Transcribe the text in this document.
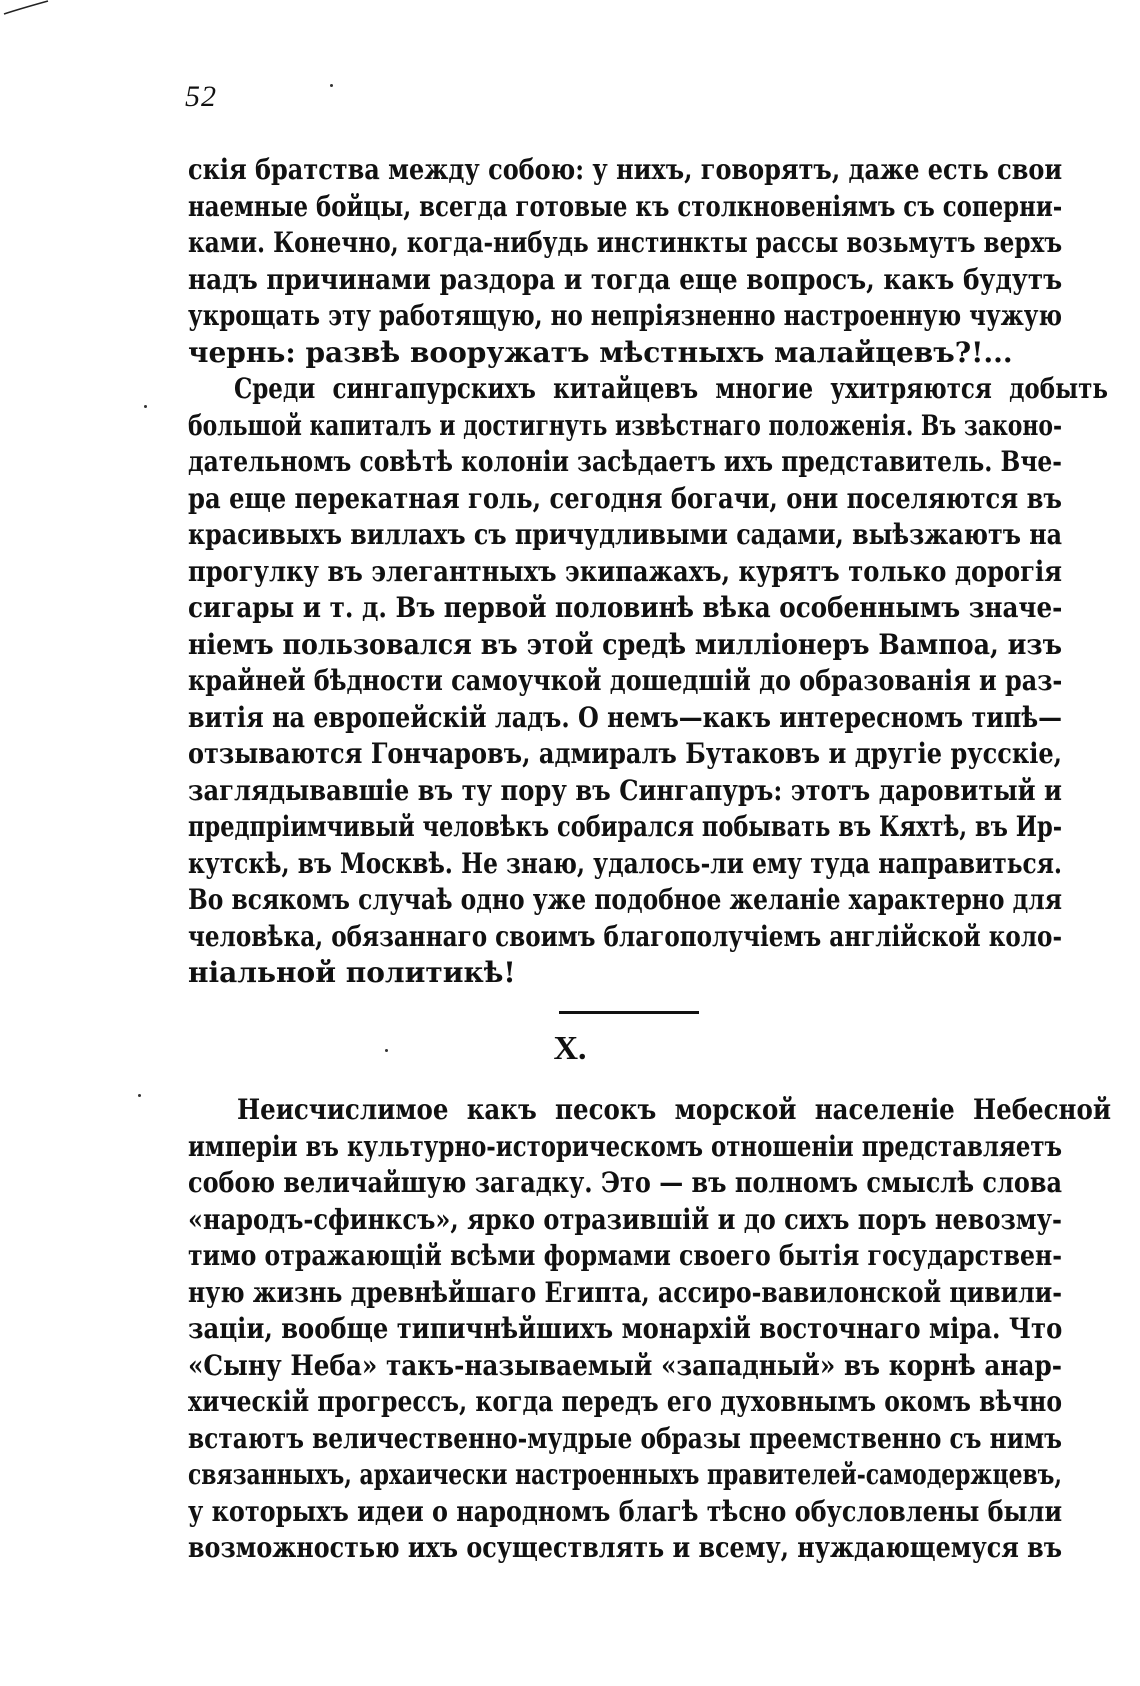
52
скія братства между собою: у нихъ, говорятъ, даже есть свои
наемные бойцы, всегда готовые къ столкновеніямъ съ соперни-
ками. Конечно, когда-нибудь инстинкты рассы возьмутъ верхъ
надъ причинами раздора и тогда еще вопросъ, какъ будутъ
укрощать эту работящую, но непріязненно настроенную чужую
чернь: развѣ вооружатъ мѣстныхъ малайцевъ?!...
Среди сингапурскихъ китайцевъ многие ухитряются добыть
большой капиталъ и достигнуть извѣстнаго положенія. Въ законо-
дательномъ совѣтѣ колоніи засѣдаетъ ихъ представитель. Вче-
ра еще перекатная голь, сегодня богачи, они поселяются въ
красивыхъ виллахъ съ причудливыми садами, выѣзжаютъ на
прогулку въ элегантныхъ экипажахъ, курятъ только дорогія
сигары и т. д. Въ первой половинѣ вѣка особеннымъ значе-
ніемъ пользовался въ этой средѣ милліонеръ Вампоа, изъ
крайней бѣдности самоучкой дошедшій до образованія и раз-
витія на европейскій ладъ. О немъ—какъ интересномъ типѣ—
отзываются Гончаровъ, адмиралъ Бутаковъ и другіе русскіе,
заглядывавшіе въ ту пору въ Сингапуръ: этотъ даровитый и
предпріимчивый человѣкъ собирался побывать въ Кяхтѣ, въ Ир-
кутскѣ, въ Москвѣ. Не знаю, удалось-ли ему туда направиться.
Во всякомъ случаѣ одно уже подобное желаніе характерно для
человѣка, обязаннаго своимъ благополучіемъ англійской коло-
ніальной политикѣ!
X.
Неисчислимое какъ песокъ морской населеніе Небесной
имперіи въ культурно-историческомъ отношеніи представляетъ
собою величайшую загадку. Это — въ полномъ смыслѣ слова
«народъ-сфинксъ», ярко отразившій и до сихъ поръ невозму-
тимо отражающій всѣми формами своего бытія государствен-
ную жизнь древнѣйшаго Египта, ассиро-вавилонской цивили-
заціи, вообще типичнѣйшихъ монархій восточнаго міра. Что
«Сыну Неба» такъ-называемый «западный» въ корнѣ анар-
хическій прогрессъ, когда передъ его духовнымъ окомъ вѣчно
встаютъ величественно-мудрые образы преемственно съ нимъ
связанныхъ, архаически настроенныхъ правителей-самодержцевъ,
у которыхъ идеи о народномъ благѣ тѣсно обусловлены были
возможностью ихъ осуществлять и всему, нуждающемуся въ
